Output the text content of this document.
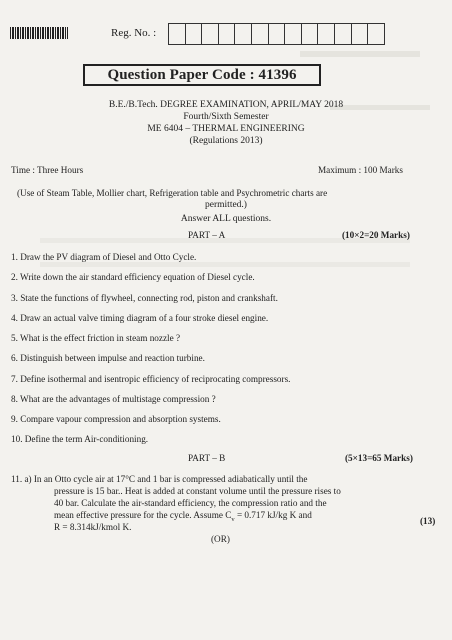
Reg. No. :
Question Paper Code : 41396
B.E./B.Tech. DEGREE EXAMINATION, APRIL/MAY 2018
Fourth/Sixth Semester
ME 6404 – THERMAL ENGINEERING
(Regulations 2013)
Time : Three Hours	Maximum : 100 Marks
(Use of Steam Table, Mollier chart, Refrigeration table and Psychrometric charts are
permitted.)
Answer ALL questions.
PART – A	(10×2=20 Marks)
1. Draw the PV diagram of Diesel and Otto Cycle.
2. Write down the air standard efficiency equation of Diesel cycle.
3. State the functions of flywheel, connecting rod, piston and crankshaft.
4. Draw an actual valve timing diagram of a four stroke diesel engine.
5. What is the effect friction in steam nozzle ?
6. Distinguish between impulse and reaction turbine.
7. Define isothermal and isentropic efficiency of reciprocating compressors.
8. What are the advantages of multistage compression ?
9. Compare vapour compression and absorption systems.
10. Define the term Air-conditioning.
PART – B	(5×13=65 Marks)
11. a) In an Otto cycle air at 17°C and 1 bar is compressed adiabatically until the
pressure is 15 bar.. Heat is added at constant volume until the pressure rises to
40 bar. Calculate the air-standard efficiency, the compression ratio and the
mean effective pressure for the cycle. Assume $C_v = 0.717$ kJ/kg K and
R = 8.314kJ/kmol K.
(13)
(OR)
